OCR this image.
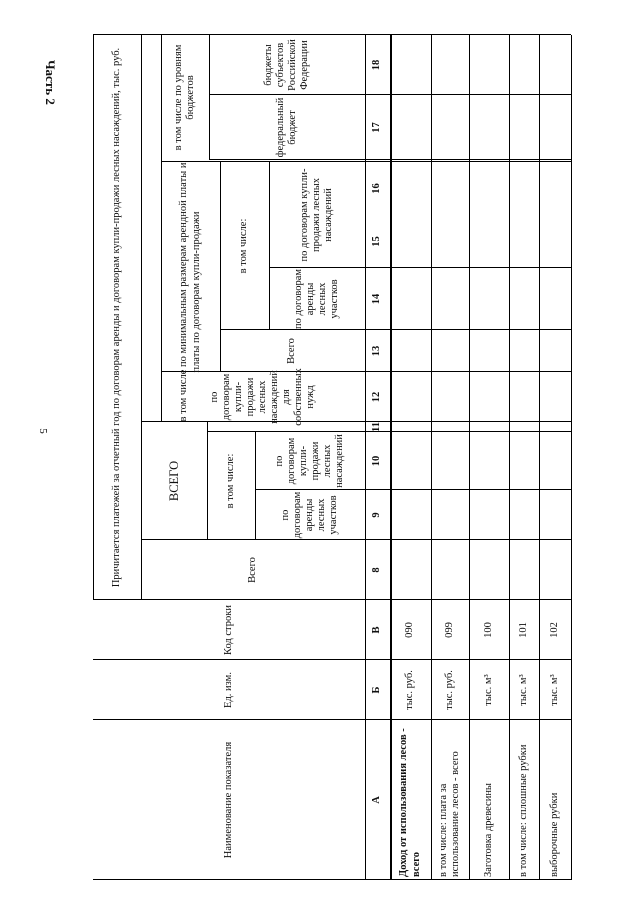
5
Часть 2	Причитается платежей за отчетный год по договорам аренды и договорам купли-продажи лесных насаждений, тыс. руб.	ВСЕГО
в том числе по минимальным размерам арендной платы и платы по договорам купли-продажи
в том числе по уровням бюджетов
в том числе:
в том числе:
Наименование показателя
Ед. изм.
Код строки
Всего
по договорам аренды лесных участков
по договорам купли-продажи лесных насаждений
по договорам купли-продажи лесных насаждений для собственных нужд
Всего
по договорам аренды лесных участков
по договорам купли-продажи лесных насаждений
федеральный бюджет
бюджеты субъектов Российской Федерации
А
Б
В
8
9
10
11
12
13
14
15
16
17
18
Доход от использования лесов - всего
тыс. руб.
090
в том числе: плата за использование лесов - всего
тыс. руб.
099
Заготовка древесины
тыс. м³
100
в том числе: сплошные рубки
тыс. м³
101
выборочные рубки
тыс. м³
102
